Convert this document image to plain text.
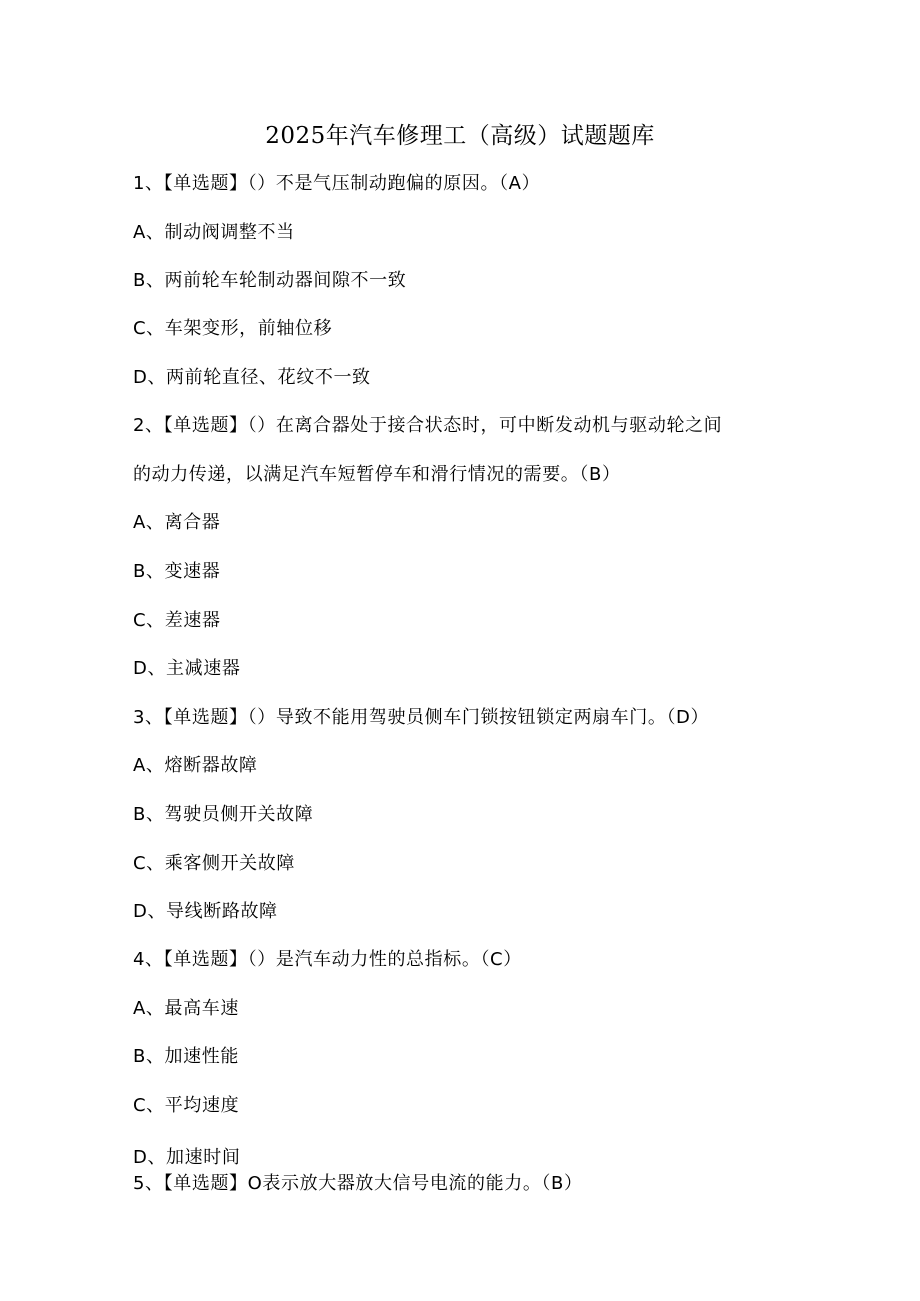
2025年汽车修理工（高级）试题题库
1、【单选题】（）不是气压制动跑偏的原因。（A）
A、制动阀调整不当
B、两前轮车轮制动器间隙不一致
C、车架变形，前轴位移
D、两前轮直径、花纹不一致
2、【单选题】（）在离合器处于接合状态时，可中断发动机与驱动轮之间
的动力传递，以满足汽车短暂停车和滑行情况的需要。（B）
A、离合器
B、变速器
C、差速器
D、主减速器
3、【单选题】（）导致不能用驾驶员侧车门锁按钮锁定两扇车门。（D）
A、熔断器故障
B、驾驶员侧开关故障
C、乘客侧开关故障
D、导线断路故障
4、【单选题】（）是汽车动力性的总指标。（C）
A、最高车速
B、加速性能
C、平均速度
D、加速时间
5、【单选题】O表示放大器放大信号电流的能力。（B）
